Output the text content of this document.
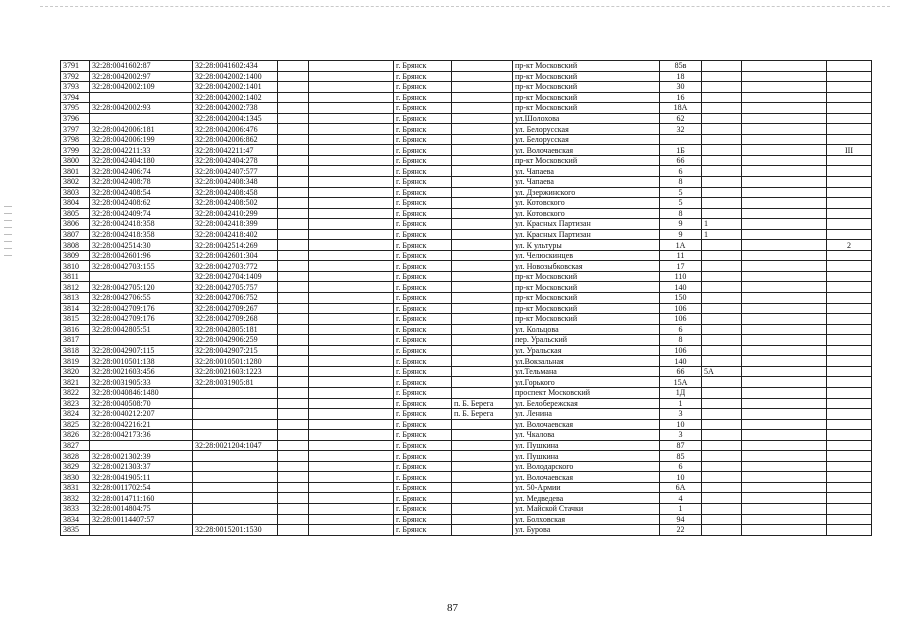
3791	32:28:0041602:87	32:28:0041602:434			г. Брянск		пр-кт Московский	85в			
3792	32:28:0042002:97	32:28:0042002:1400			г. Брянск		пр-кт Московский	18			
3793	32:28:0042002:109	32:28:0042002:1401			г. Брянск		пр-кт Московский	30			
3794		32:28:0042002:1402			г. Брянск		пр-кт Московский	16			
3795	32:28:0042002:93	32:28:0042002:738			г. Брянск		пр-кт Московский	18А			
3796		32:28:0042004:1345			г. Брянск		ул.Шолохова	62			
3797	32:28:0042006:181	32:28:0042006:476			г. Брянск		ул. Белорусская	32			
3798	32:28:0042006:199	32:28:0042006:862			г. Брянск		ул. Белорусская				
3799	32:28:0042211:33	32:28:0042211:47			г. Брянск		ул. Волочаевская	1Б			III
3800	32:28:0042404:180	32:28:0042404:278			г. Брянск		пр-кт Московский	66			
3801	32:28:0042406:74	32:28:0042407:577			г. Брянск		ул. Чапаева	6			
3802	32:28:0042408:78	32:28:0042408:348			г. Брянск		ул. Чапаева	8			
3803	32:28:0042408:54	32:28:0042408:458			г. Брянск		ул. Дзержинского	5			
3804	32:28:0042408:62	32:28:0042408:502			г. Брянск		ул. Котовского	5			
3805	32:28:0042409:74	32:28:0042410:299			г. Брянск		ул. Котовского	8			
3806	32:28:0042418:358	32:28:0042418:399			г. Брянск		ул. Красных Партизан	9	1		
3807	32:28:0042418:358	32:28:0042418:402			г. Брянск		ул. Красных Партизан	9	1		
3808	32:28:0042514:30	32:28:0042514:269			г. Брянск		ул. К ультуры	1А			2
3809	32:28:0042601:96	32:28:0042601:304			г. Брянск		ул. Челюскинцев	11			
3810	32:28:0042703:155	32:28:0042703:772			г. Брянск		ул. Новозыбковская	17			
3811		32:28:0042704:1409			г. Брянск		пр-кт Московский	110			
3812	32:28:0042705:120	32:28:0042705:757			г. Брянск		пр-кт Московский	140			
3813	32:28:0042706:55	32:28:0042706:752			г. Брянск		пр-кт Московский	150			
3814	32:28:0042709:176	32:28:0042709:267			г. Брянск		пр-кт Московский	106			
3815	32:28:0042709:176	32:28:0042709:268			г. Брянск		пр-кт Московский	106			
3816	32:28:0042805:51	32:28:0042805:181			г. Брянск		ул. Кольцова	6			
3817		32:28:0042906:259			г. Брянск		пер. Уральский	8			
3818	32:28:0042907:115	32:28:0042907:215			г. Брянск		ул. Уральская	106			
3819	32:28:0010501:138	32:28:0010501:1280			г. Брянск		ул.Вокзальная	140			
3820	32:28:0021603:456	32:28:0021603:1223			г. Брянск		ул.Тельмана	66	5А		
3821	32:28:0031905:33	32:28:0031905:81			г. Брянск		ул.Горького	15А			
3822	32:28:0040846:1480				г. Брянск		проспект Московский	1Д			
3823	32:28:0040508:70				г. Брянск	п. Б. Берега	ул. Белобережская	1			
3824	32:28:0040212:207				г. Брянск	п. Б. Берега	ул. Ленина	3			
3825	32:28:0042216:21				г. Брянск		ул. Волочаевская	10			
3826	32:28:0042173:36				г. Брянск		ул. Чкалова	3			
3827		32:28:0021204:1047			г. Брянск		ул. Пушкина	87			
3828	32:28:0021302:39				г. Брянск		ул. Пушкина	85			
3829	32:28:0021303:37				г. Брянск		ул. Володарского	6			
3830	32:28:0041905:11				г. Брянск		ул. Волочаевская	10			
3831	32:28:0011702:54				г. Брянск		ул. 50-Армии	6А			
3832	32:28:0014711:160				г. Брянск		ул. Медведева	4			
3833	32:28:0014804:75				г. Брянск		ул. Майской Стачки	1			
3834	32:28:00114407:57				г. Брянск		ул. Болховская	94			
3835		32:28:0015201:1530			г. Брянск		ул. Бурова	22			
87
